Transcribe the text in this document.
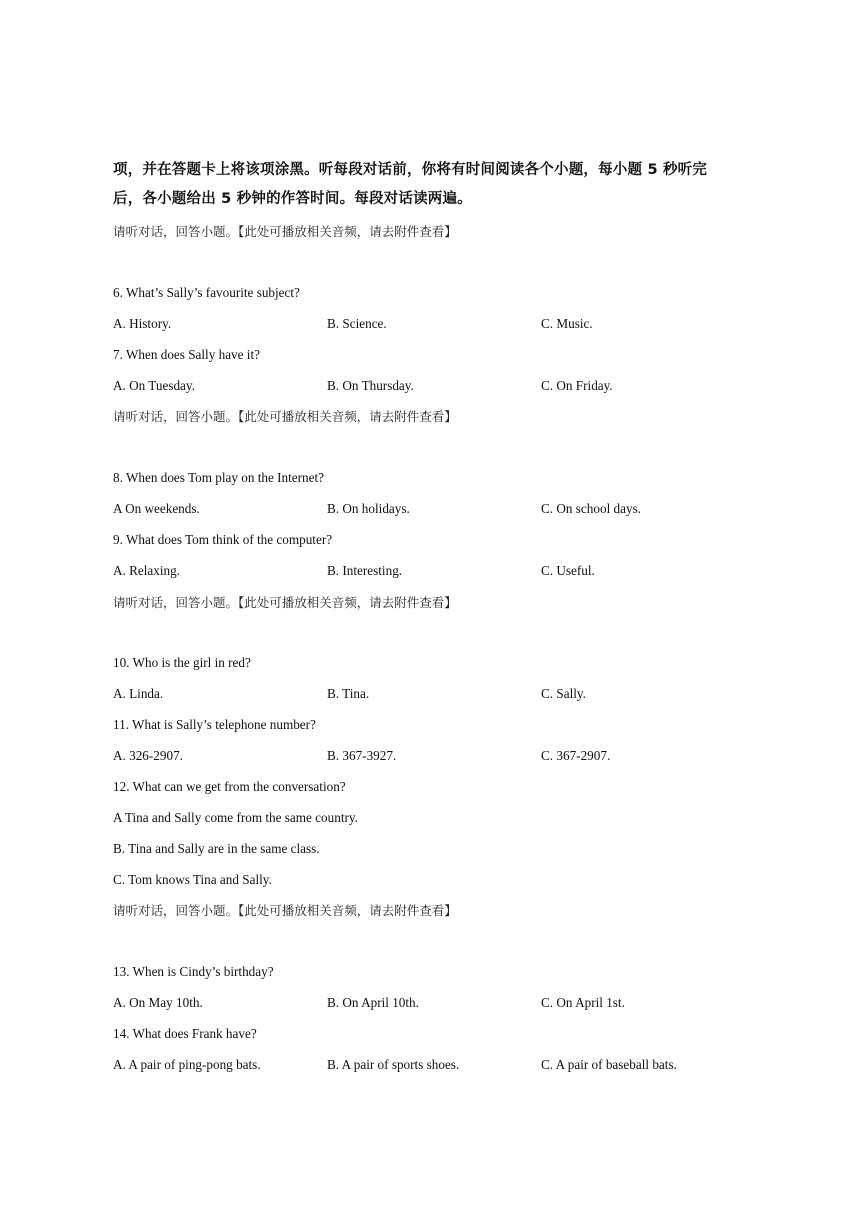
项，并在答题卡上将该项涂黑。听每段对话前，你将有时间阅读各个小题，每小题 5 秒听完
后，各小题给出 5 秒钟的作答时间。每段对话读两遍。
请听对话，回答小题。【此处可播放相关音频，请去附件查看】
6. What’s Sally’s favourite subject?
A. History.	B. Science.	C. Music.
7. When does Sally have it?
A. On Tuesday.	B. On Thursday.	C. On Friday.
请听对话，回答小题。【此处可播放相关音频，请去附件查看】
8. When does Tom play on the Internet?
A On weekends.	B. On holidays.	C. On school days.
9. What does Tom think of the computer?
A. Relaxing.	B. Interesting.	C. Useful.
请听对话，回答小题。【此处可播放相关音频，请去附件查看】
10. Who is the girl in red?
A. Linda.	B. Tina.	C. Sally.
11. What is Sally’s telephone number?
A. 326-2907.	B. 367-3927.	C. 367-2907.
12. What can we get from the conversation?
A Tina and Sally come from the same country.
B. Tina and Sally are in the same class.
C. Tom knows Tina and Sally.
请听对话，回答小题。【此处可播放相关音频，请去附件查看】
13. When is Cindy’s birthday?
A. On May 10th.	B. On April 10th.	C. On April 1st.
14. What does Frank have?
A. A pair of ping-pong bats.	B. A pair of sports shoes.	C. A pair of baseball bats.
